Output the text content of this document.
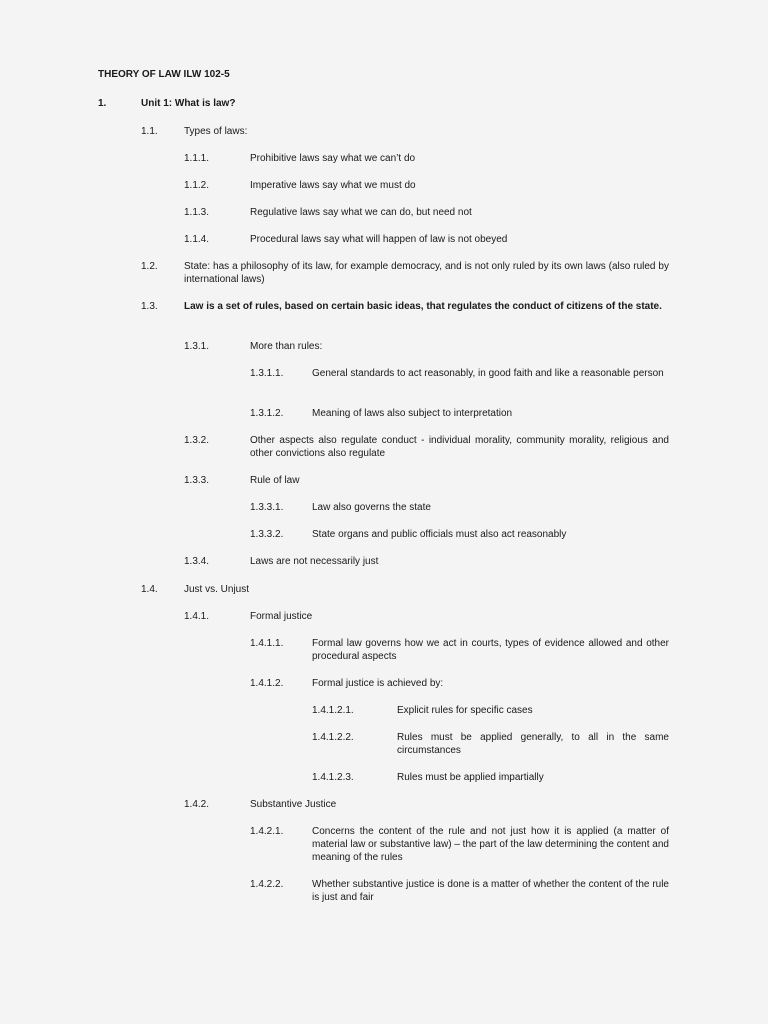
THEORY OF LAW ILW 102-5
1.	Unit 1: What is law?
1.1.	Types of laws:
1.1.1.	Prohibitive laws say what we can’t do
1.1.2.	Imperative laws say what we must do
1.1.3.	Regulative laws say what we can do, but need not
1.1.4.	Procedural laws say what will happen of law is not obeyed
1.2.	State: has a philosophy of its law, for example democracy, and is not only ruled by its own laws (also ruled by international laws)
1.3.	Law is a set of rules, based on certain basic ideas, that regulates the conduct of citizens of the state.
1.3.1.	More than rules:
1.3.1.1.	General standards to act reasonably, in good faith and like a reasonable person
1.3.1.2.	Meaning of laws also subject to interpretation
1.3.2.	Other aspects also regulate conduct - individual morality, community morality, religious and other convictions also regulate
1.3.3.	Rule of law
1.3.3.1.	Law also governs the state
1.3.3.2.	State organs and public officials must also act reasonably
1.3.4.	Laws are not necessarily just
1.4.	Just vs. Unjust
1.4.1.	Formal justice
1.4.1.1.	Formal law governs how we act in courts, types of evidence allowed and other procedural aspects
1.4.1.2.	Formal justice is achieved by:
1.4.1.2.1.	Explicit rules for specific cases
1.4.1.2.2.	Rules must be applied generally, to all in the same circumstances
1.4.1.2.3.	Rules must be applied impartially
1.4.2.	Substantive Justice
1.4.2.1.	Concerns the content of the rule and not just how it is applied (a matter of material law or substantive law) – the part of the law determining the content and meaning of the rules
1.4.2.2.	Whether substantive justice is done is a matter of whether the content of the rule is just and fair
